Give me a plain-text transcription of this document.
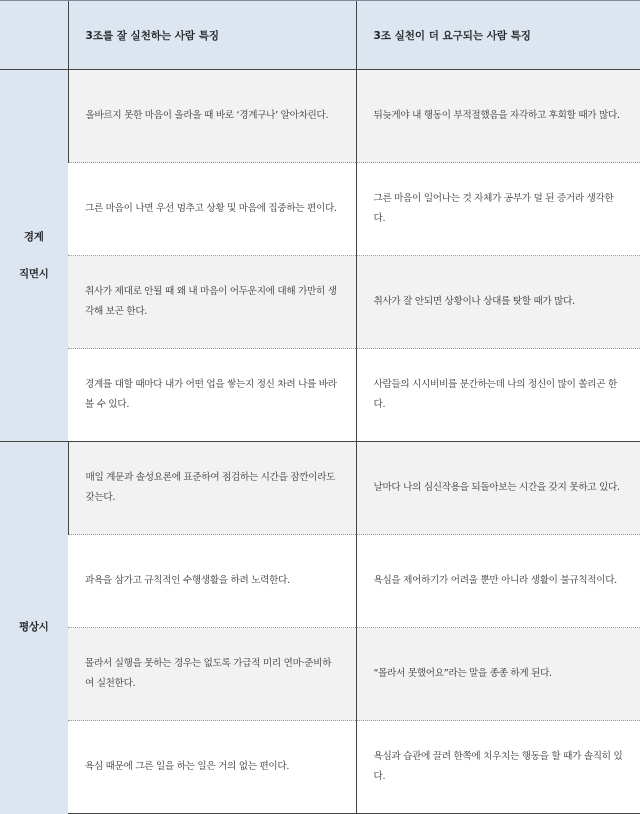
	3조를 잘 실천하는 사람 특징	3조 실천이 더 요구되는 사람 특징

경계
직면시	올바르지 못한 마음이 올라올 때 바로 ‘경계구나’ 알아차린다.	뒤늦게야 내 행동이 부적절했음을 자각하고 후회할 때가 많다.
	그른 마음이 나면 우선 멈추고 상황 및 마음에 집중하는 편이다.	그른 마음이 일어나는 것 자체가 공부가 덜 된 증거라 생각한다.
	취사가 제대로 안될 때 왜 내 마음이 어두운지에 대해 가만히 생각해 보곤 한다.	취사가 잘 안되면 상황이나 상대를 탓할 때가 많다.
	경계를 대할 때마다 내가 어떤 업을 쌓는지 정신 차려 나를 바라볼 수 있다.	사람들의 시시비비를 분간하는데 나의 정신이 많이 쏠리곤 한다.

평상시	매일 계문과 솔성요론에 표준하여 점검하는 시간을 잠깐이라도 갖는다.	날마다 나의 심신작용을 되돌아보는 시간을 갖지 못하고 있다.
	과욕을 삼가고 규칙적인 수행생활을 하려 노력한다.	욕심을 제어하기가 어려울 뿐만 아니라 생활이 불규칙적이다.
	몰라서 실행을 못하는 경우는 없도록 가급적 미리 연마·준비하여 실천한다.	“몰라서 못했어요”라는 말을 종종 하게 된다.
	욕심 때문에 그른 일을 하는 일은 거의 없는 편이다.	욕심과 습관에 끌려 한쪽에 치우치는 행동을 할 때가 솔직히 있다.
